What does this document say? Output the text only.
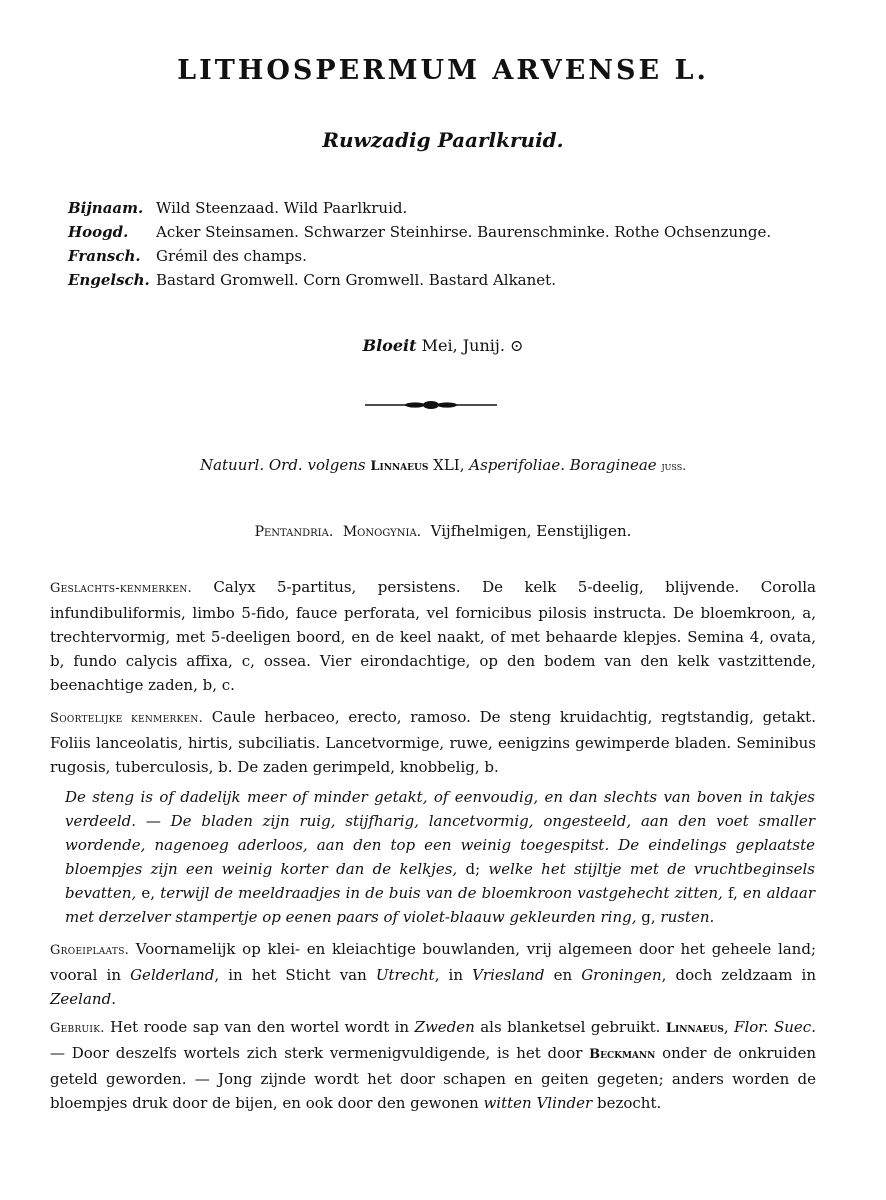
LITHOSPERMUM ARVENSE L.
Ruwzadig Paarlkruid.
Bijnaam. Wild Steenzaad. Wild Paarlkruid.
Hoogd.	Acker Steinsamen. Schwarzer Steinhirse. Baurenschminke. Rothe Ochsenzunge.
Fransch.	Grémil des champs.
Engelsch. Bastard Gromwell. Corn Gromwell. Bastard Alkanet.
Bloeit Mei, Junij. ⊙
Natuurl. Ord. volgens Linnaeus XLI, Asperifoliae. Boragineae juss.
Pentandria. Monogynia. Vijfhelmigen, Eenstijligen.
Geslachts-kenmerken. Calyx 5-partitus, persistens. De kelk 5-deelig, blijvende. Corolla infundibuliformis, limbo 5-fido, fauce perforata, vel fornicibus pilosis instructa. De bloemkroon, a, trechtervormig, met 5-deeligen boord, en de keel naakt, of met behaarde klepjes. Semina 4, ovata, b, fundo calycis affixa, c, ossea. Vier eirondachtige, op den bodem van den kelk vastzittende, beenachtige zaden, b, c.
Soortelijke kenmerken. Caule herbaceo, erecto, ramoso. De steng kruidachtig, regtstandig, getakt. Foliis lanceolatis, hirtis, subciliatis. Lancetvormige, ruwe, eenigzins gewimperde bladen. Seminibus rugosis, tuberculosis, b. De zaden gerimpeld, knobbelig, b.
De steng is of dadelijk meer of minder getakt, of eenvoudig, en dan slechts van boven in takjes verdeeld. — De bladen zijn ruig, stijfharig, lancetvormig, ongesteeld, aan den voet smaller wordende, nagenoeg aderloos, aan den top een weinig toegespitst. De eindelings geplaatste bloempjes zijn een weinig korter dan de kelkjes, d; welke het stijltje met de vruchtbeginsels bevatten, e, terwijl de meeldraadjes in de buis van de bloemkroon vastgehecht zitten, f, en aldaar met derzelver stampertje op eenen paars of violet-blaauw gekleurden ring, g, rusten.
Groeiplaats. Voornamelijk op klei- en kleiachtige bouwlanden, vrij algemeen door het geheele land; vooral in Gelderland, in het Sticht van Utrecht, in Vriesland en Groningen, doch zeldzaam in Zeeland.
Gebruik. Het roode sap van den wortel wordt in Zweden als blanketsel gebruikt. Linnaeus, Flor. Suec. — Door deszelfs wortels zich sterk vermenigvuldigende, is het door Beckmann onder de onkruiden geteld geworden. — Jong zijnde wordt het door schapen en geiten gegeten; anders worden de bloempjes druk door de bijen, en ook door den gewonen witten Vlinder bezocht.
